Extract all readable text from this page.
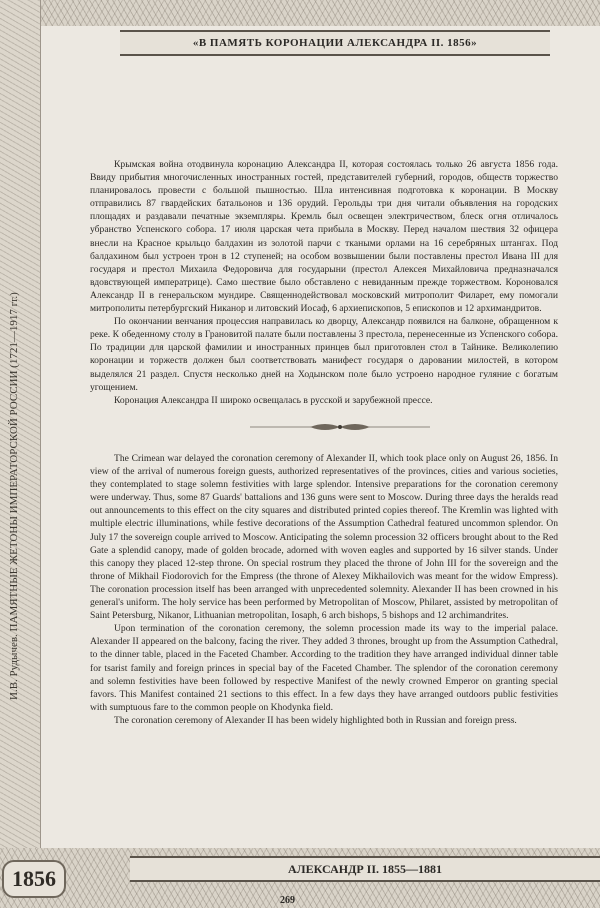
И.В. Рудычев. ПАМЯТНЫЕ ЖЕТОНЫ ИМПЕРАТОРСКОЙ РОССИИ (1721—1917 гг.)
«В ПАМЯТЬ КОРОНАЦИИ АЛЕКСАНДРА II. 1856»

Крымская война отодвинула коронацию Александра II, которая состоялась только 26 августа 1856 года. Ввиду прибытия многочисленных иностранных гостей, представителей губерний, городов, обществ торжество планировалось провести с большой пышностью. Шла интенсивная подготовка к коронации. В Москву отправились 87 гвардейских батальонов и 136 орудий. Герольды три дня читали объявления на городских площадях и раздавали печатные экземпляры. Кремль был освещен электричеством, блеск огня отличалось убранство Успенского собора. 17 июля царская чета прибыла в Москву. Перед началом шествия 32 офицера внесли на Красное крыльцо балдахин из золотой парчи с ткаными орлами на 16 серебряных штангах. Под балдахином был устроен трон в 12 ступеней; на особом возвышении были поставлены престол Ивана III для государя и престол Михаила Федоровича для государыни (престол Алексея Михайловича предназначался вдовствующей императрице). Само шествие было обставлено с невиданным прежде торжеством. Короновался Александр II в генеральском мундире. Священнодействовал московский митрополит Филарет, ему помогали митрополиты петербургский Никанор и литовский Иосаф, 6 архиепископов, 5 епископов и 12 архимандритов.

По окончании венчания процессия направилась ко дворцу, Александр появился на балконе, обращенном к реке. К обеденному столу в Грановитой палате были поставлены 3 престола, перенесенные из Успенского собора. По традиции для царской фамилии и иностранных принцев был приготовлен стол в Тайнике. Великолепию коронации и торжеств должен был соответствовать манифест государя о даровании милостей, в котором выделялся 21 раздел. Спустя несколько дней на Ходынском поле было устроено народное гуляние с богатым угощением.

Коронация Александра II широко освещалась в русской и зарубежной прессе.

The Crimean war delayed the coronation ceremony of Alexander II, which took place only on August 26, 1856. In view of the arrival of numerous foreign guests, authorized representatives of the provinces, cities and various societies, they contemplated to stage solemn festivities with large splendor. Intensive preparations for the coronation ceremony were underway. Thus, some 87 Guards' battalions and 136 guns were sent to Moscow. During three days the heralds read out announcements to this effect on the city squares and distributed printed copies thereof. The Kremlin was lighted with multiple electric illuminations, while festive decorations of the Assumption Cathedral featured uncommon splendor. On July 17 the sovereign couple arrived to Moscow. Anticipating the solemn procession 32 officers brought about to the Red Gate a splendid canopy, made of golden brocade, adorned with woven eagles and supported by 16 silver stands. Under this canopy they placed 12-step throne. On special rostrum they placed the throne of John III for the sovereign and the throne of Mikhail Fiodorovich for the Empress (the throne of Alexey Mikhailovich was meant for the widow Empress). The coronation procession itself has been arranged with unprecedented solemnity. Alexander II has been crowned in his general's uniform. The holy service has been performed by Metropolitan of Moscow, Philaret, assisted by metropolitan of Saint Petersburg, Nikanor, Lithuanian metropolitan, Iosaph, 6 arch bishops, 5 bishops and 12 archimandrites.

Upon termination of the coronation ceremony, the solemn procession made its way to the imperial palace. Alexander II appeared on the balcony, facing the river. They added 3 thrones, brought up from the Assumption Cathedral, to the dinner table, placed in the Faceted Chamber. According to the tradition they have arranged individual dinner table for tsarist family and foreign princes in special bay of the Faceted Chamber. The splendor of the coronation ceremony and solemn festivities have been followed by respective Manifest of the newly crowned Emperor on granting special favors. This Manifest contained 21 sections to this effect. In a few days they have arranged outdoors public festivities with sumptuous fare to the common people on Khodynka field.

The coronation ceremony of Alexander II has been widely highlighted both in Russian and foreign press.

1856	АЛЕКСАНДР II. 1855—1881
269
